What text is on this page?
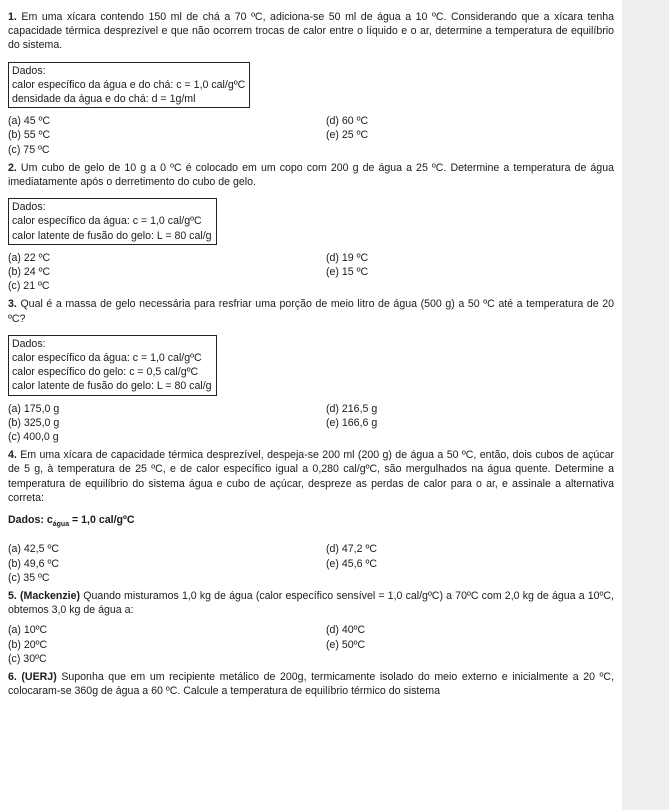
1. Em uma xícara contendo 150 ml de chá a 70 ºC, adiciona-se 50 ml de água a 10 ºC. Considerando que a xícara tenha capacidade térmica desprezível e que não ocorrem trocas de calor entre o líquido e o ar, determine a temperatura de equilíbrio do sistema.

Dados:
calor específico da água e do chá: c = 1,0 cal/gºC
densidade da água e do chá: d = 1g/ml
(a) 45 ºC	(d) 60 ºC
(b) 55 ºC	(e) 25 ºC
(c) 75 ºC

2. Um cubo de gelo de 10 g a 0 ºC é colocado em um copo com 200 g de água a 25 ºC. Determine a temperatura de água imediatamente após o derretimento do cubo de gelo.

Dados:
calor específico da água: c = 1,0 cal/gºC
calor latente de fusão do gelo: L = 80 cal/g
(a) 22 ºC	(d) 19 ºC
(b) 24 ºC	(e) 15 ºC
(c) 21 ºC

3. Qual é a massa de gelo necessária para resfriar uma porção de meio litro de água (500 g) a 50 ºC até a temperatura de 20 ºC?

Dados:
calor específico da água: c = 1,0 cal/gºC
calor específico do gelo: c = 0,5 cal/gºC
calor latente de fusão do gelo: L = 80 cal/g
(a) 175,0 g	(d) 216,5 g
(b) 325,0 g	(e) 166,6 g
(c) 400,0 g

4. Em uma xícara de capacidade térmica desprezível, despeja-se 200 ml (200 g) de água a 50 ºC, então, dois cubos de açúcar de 5 g, à temperatura de 25 ºC, e de calor específico igual a 0,280 cal/gºC, são mergulhados na água quente. Determine a temperatura de equilíbrio do sistema água e cubo de açúcar, despreze as perdas de calor para o ar, e assinale a alternativa correta:

Dados: $c_{água} = 1,0$ cal/gºC
(a) 42,5 ºC	(d) 47,2 ºC
(b) 49,6 ºC	(e) 45,6 ºC
(c) 35 ºC

5. (Mackenzie) Quando misturamos 1,0 kg de água (calor específico sensível = 1,0 cal/gºC) a 70ºC com 2,0 kg de água a 10ºC, obtemos 3,0 kg de água a:

(a) 10ºC	(d) 40ºC
(b) 20ºC	(e) 50ºC
(c) 30ºC

6. (UERJ) Suponha que em um recipiente metálico de 200g, termicamente isolado do meio externo e inicialmente a 20 ºC, colocaram-se 360g de água a 60 ºC. Calcule a temperatura de equilíbrio térmico do sistema
